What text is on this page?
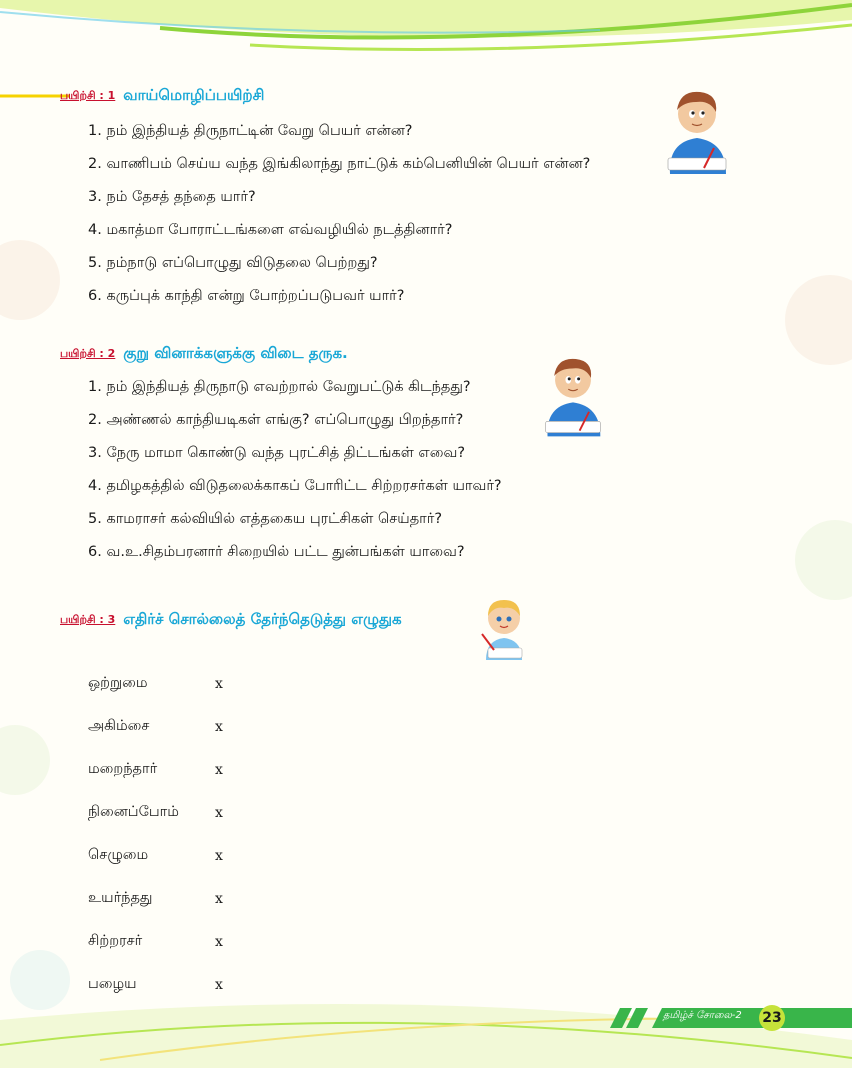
பயிற்சி : 1 வாய்மொழிப்பயிற்சி
1. நம் இந்தியத் திருநாட்டின் வேறு பெயர் என்ன?
2. வாணிபம் செய்ய வந்த இங்கிலாந்து நாட்டுக் கம்பெனியின் பெயர் என்ன?
3. நம் தேசத் தந்தை யார்?
4. மகாத்மா போராட்டங்களை எவ்வழியில் நடத்தினார்?
5. நம்நாடு எப்பொழுது விடுதலை பெற்றது?
6. கருப்புக் காந்தி என்று போற்றப்படுபவர் யார்?
பயிற்சி : 2 குறு வினாக்களுக்கு விடை தருக.
1. நம் இந்தியத் திருநாடு எவற்றால் வேறுபட்டுக் கிடந்தது?
2. அண்ணல் காந்தியடிகள் எங்கு? எப்பொழுது பிறந்தார்?
3. நேரு மாமா கொண்டு வந்த புரட்சித் திட்டங்கள் எவை?
4. தமிழகத்தில் விடுதலைக்காகப் போரிட்ட சிற்றரசர்கள் யாவர்?
5. காமராசர் கல்வியில் எத்தகைய புரட்சிகள் செய்தார்?
6. வ.உ.சிதம்பரனார் சிறையில் பட்ட துன்பங்கள் யாவை?
பயிற்சி : 3 எதிர்ச் சொல்லைத் தேர்ந்தெடுத்து எழுதுக
ஒற்றுமை	x
அகிம்சை	x
மறைந்தார்	x
நினைப்போம்	x
செழுமை	x
உயர்ந்தது	x
சிற்றரசர்	x
பழைய	x
தமிழ்ச் சோலை-2 23
